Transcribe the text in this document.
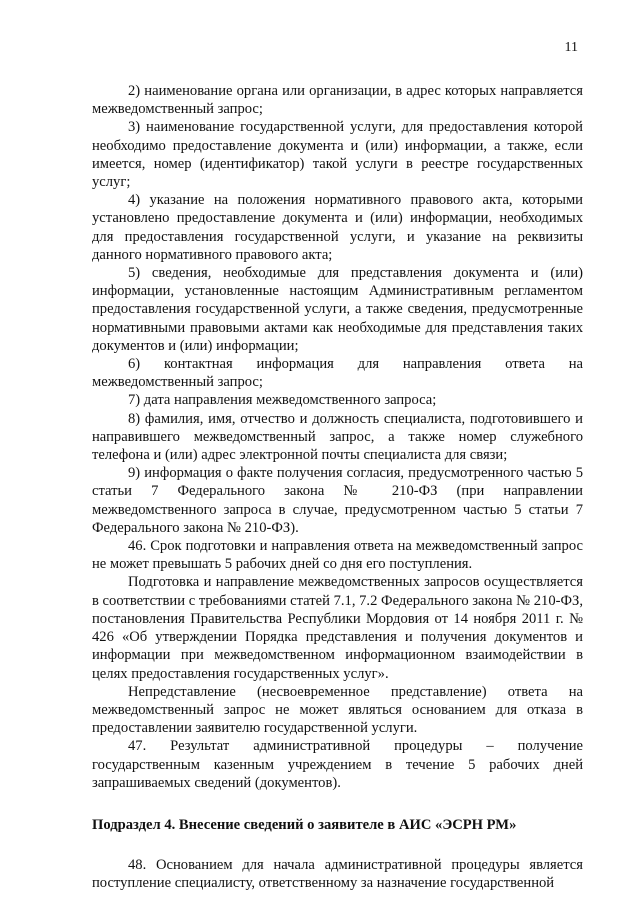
11

2) наименование органа или организации, в адрес которых направляется межведомственный запрос;

3) наименование государственной услуги, для предоставления которой необходимо предоставление документа и (или) информации, а также, если имеется, номер (идентификатор) такой услуги в реестре государственных услуг;

4) указание на положения нормативного правового акта, которыми установлено предоставление документа и (или) информации, необходимых для предоставления государственной услуги, и указание на реквизиты данного нормативного правового акта;

5) сведения, необходимые для представления документа и (или) информации, установленные настоящим Административным регламентом предоставления государственной услуги, а также сведения, предусмотренные нормативными правовыми актами как необходимые для представления таких документов и (или) информации;

6) контактная информация для направления ответа на межведомственный запрос;

7) дата направления межведомственного запроса;

8) фамилия, имя, отчество и должность специалиста, подготовившего и направившего межведомственный запрос, а также номер служебного телефона и (или) адрес электронной почты специалиста для связи;

9) информация о факте получения согласия, предусмотренного частью 5 статьи 7 Федерального закона № 210-ФЗ (при направлении межведомственного запроса в случае, предусмотренном частью 5 статьи 7 Федерального закона № 210-ФЗ).

46. Срок подготовки и направления ответа на межведомственный запрос не может превышать 5 рабочих дней со дня его поступления.

Подготовка и направление межведомственных запросов осуществляется в соответствии с требованиями статей 7.1, 7.2 Федерального закона № 210-ФЗ, постановления Правительства Республики Мордовия от 14 ноября 2011 г. № 426 «Об утверждении Порядка представления и получения документов и информации при межведомственном информационном взаимодействии в целях предоставления государственных услуг».

Непредставление (несвоевременное представление) ответа на межведомственный запрос не может являться основанием для отказа в предоставлении заявителю государственной услуги.

47. Результат административной процедуры – получение государственным казенным учреждением в течение 5 рабочих дней запрашиваемых сведений (документов).

Подраздел 4. Внесение сведений о заявителе в АИС «ЭСРН РМ»

48. Основанием для начала административной процедуры является поступление специалисту, ответственному за назначение государственной
